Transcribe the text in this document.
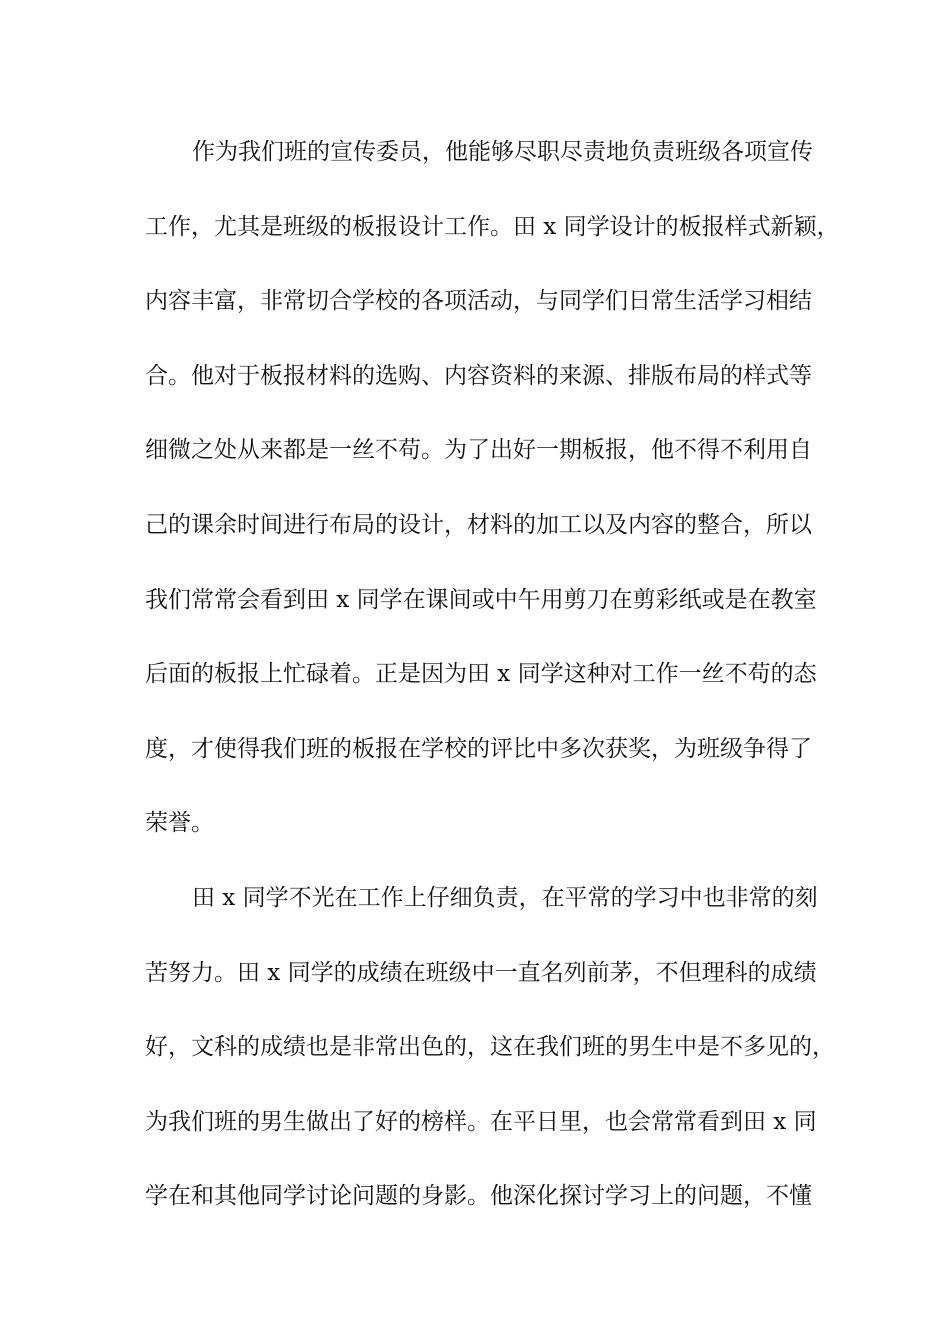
作为我们班的宣传委员，他能够尽职尽责地负责班级各项宣传
工作，尤其是班级的板报设计工作。田 x 同学设计的板报样式新颖，
内容丰富，非常切合学校的各项活动，与同学们日常生活学习相结
合。他对于板报材料的选购、内容资料的来源、排版布局的样式等
细微之处从来都是一丝不苟。为了出好一期板报，他不得不利用自
己的课余时间进行布局的设计，材料的加工以及内容的整合，所以
我们常常会看到田 x 同学在课间或中午用剪刀在剪彩纸或是在教室
后面的板报上忙碌着。正是因为田 x 同学这种对工作一丝不苟的态
度，才使得我们班的板报在学校的评比中多次获奖，为班级争得了
荣誉。
田 x 同学不光在工作上仔细负责，在平常的学习中也非常的刻
苦努力。田 x 同学的成绩在班级中一直名列前茅，不但理科的成绩
好，文科的成绩也是非常出色的，这在我们班的男生中是不多见的，
为我们班的男生做出了好的榜样。在平日里，也会常常看到田 x 同
学在和其他同学讨论问题的身影。他深化探讨学习上的问题，不懂
